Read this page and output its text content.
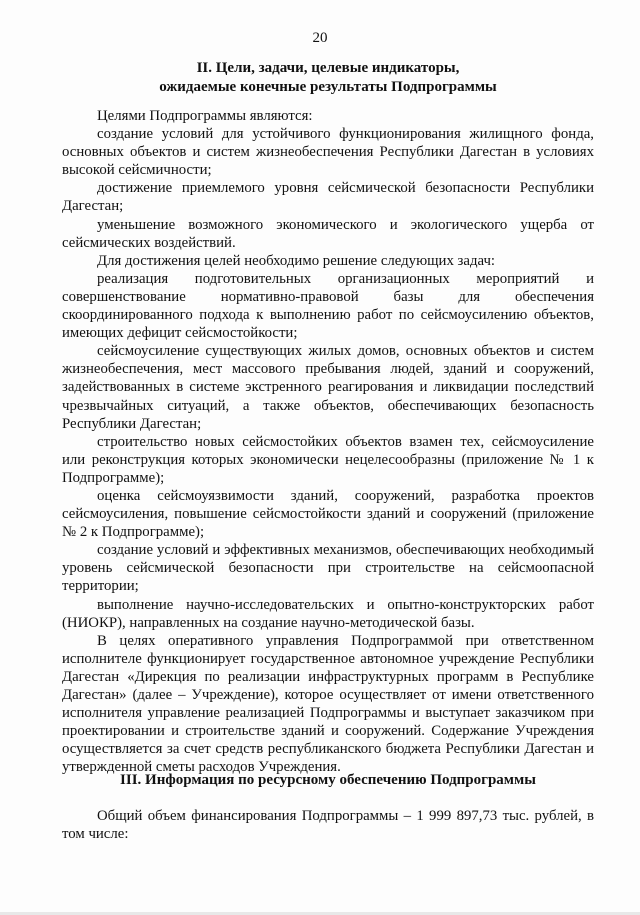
20
II. Цели, задачи, целевые индикаторы,
ожидаемые конечные результаты Подпрограммы

Целями Подпрограммы являются:

создание условий для устойчивого функционирования жилищного фонда, основных объектов и систем жизнеобеспечения Республики Дагестан в условиях высокой сейсмичности;

достижение приемлемого уровня сейсмической безопасности Республики Дагестан;

уменьшение возможного экономического и экологического ущерба от сейсмических воздействий.

Для достижения целей необходимо решение следующих задач:

реализация подготовительных организационных мероприятий и совершенствование нормативно-правовой базы для обеспечения скоординированного подхода к выполнению работ по сейсмоусилению объектов, имеющих дефицит сейсмостойкости;

сейсмоусиление существующих жилых домов, основных объектов и систем жизнеобеспечения, мест массового пребывания людей, зданий и сооружений, задействованных в системе экстренного реагирования и ликвидации последствий чрезвычайных ситуаций, а также объектов, обеспечивающих безопасность Республики Дагестан;

строительство новых сейсмостойких объектов взамен тех, сейсмоусиление или реконструкция которых экономически нецелесообразны (приложение № 1 к Подпрограмме);

оценка сейсмоуязвимости зданий, сооружений, разработка проектов сейсмоусиления, повышение сейсмостойкости зданий и сооружений (приложение № 2 к Подпрограмме);

создание условий и эффективных механизмов, обеспечивающих необходимый уровень сейсмической безопасности при строительстве на сейсмоопасной территории;

выполнение научно-исследовательских и опытно-конструкторских работ (НИОКР), направленных на создание научно-методической базы.

В целях оперативного управления Подпрограммой при ответственном исполнителе функционирует государственное автономное учреждение Республики Дагестан «Дирекция по реализации инфраструктурных программ в Республике Дагестан» (далее – Учреждение), которое осуществляет от имени ответственного исполнителя управление реализацией Подпрограммы и выступает заказчиком при проектировании и строительстве зданий и сооружений. Содержание Учреждения осуществляется за счет средств республиканского бюджета Республики Дагестан и утвержденной сметы расходов Учреждения.

III. Информация по ресурсному обеспечению Подпрограммы

Общий объем финансирования Подпрограммы – 1 999 897,73 тыс. рублей, в том числе:
